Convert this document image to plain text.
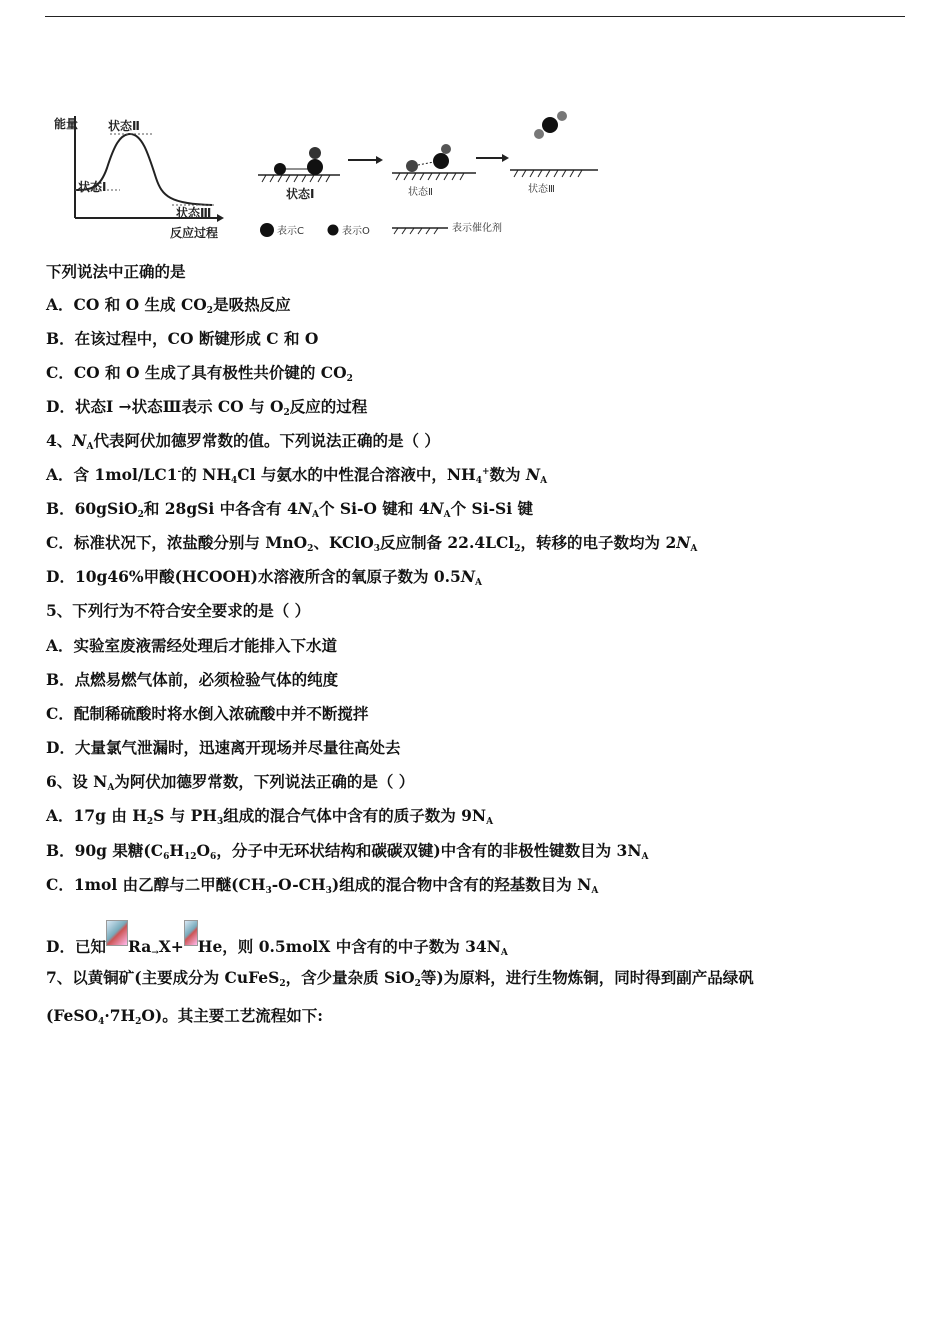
能量 状态Ⅱ
状态Ⅰ
状态Ⅲ
反应过程
状态Ⅰ	状态Ⅱ	状态Ⅲ
表示C	表示O	表示催化剂
下列说法中正确的是
A．CO 和 O 生成 $CO_2$是吸热反应
B．在该过程中，CO 断键形成 C 和 O
C．CO 和 O 生成了具有极性共价键的 $CO_2$
D．状态Ⅰ →状态Ⅲ表示 CO 与 $O_2$反应的过程
4、$N_A$代表阿伏加德罗常数的值。下列说法正确的是（ ）
A．含 1mol/LC1-的 $NH_4Cl$ 与氨水的中性混合溶液中，$NH_4^+$数为 $N_A$
B．60gSiO$_2$和 28gSi 中各含有 $4N_A$个 Si-O 键和 $4N_A$个 Si-Si 键
C．标准状况下，浓盐酸分别与 MnO$_2$、KClO$_3$反应制备 22.4LCl$_2$，转移的电子数均为 $2N_A$
D．10g46%甲酸(HCOOH)水溶液所含的氧原子数为 $0.5N_A$
5、下列行为不符合安全要求的是（ ）
A．实验室废液需经处理后才能排入下水道
B．点燃易燃气体前，必须检验气体的纯度
C．配制稀硫酸时将水倒入浓硫酸中并不断搅拌
D．大量氯气泄漏时，迅速离开现场并尽量往高处去
6、设 $N_A$为阿伏加德罗常数，下列说法正确的是（ ）
A．17g 由 $H_2S$ 与 $PH_3$组成的混合气体中含有的质子数为 $9N_A$
B．90g 果糖($C_6H_{12}O_6$，分子中无环状结构和碳碳双键)中含有的非极性键数目为 $3N_A$
C．1mol 由乙醇与二甲醚$(CH_3-O-CH_3)$组成的混合物中含有的羟基数目为 $N_A$
D．已知 $Ra_\to X+ He$，则 0.5molX 中含有的中子数为 $34N_A$
7、以黄铜矿(主要成分为 CuFeS$_2$，含少量杂质 SiO$_2$等)为原料，进行生物炼铜，同时得到副产品绿矾
$(FeSO_4\cdot 7H_2O)$。其主要工艺流程如下:
